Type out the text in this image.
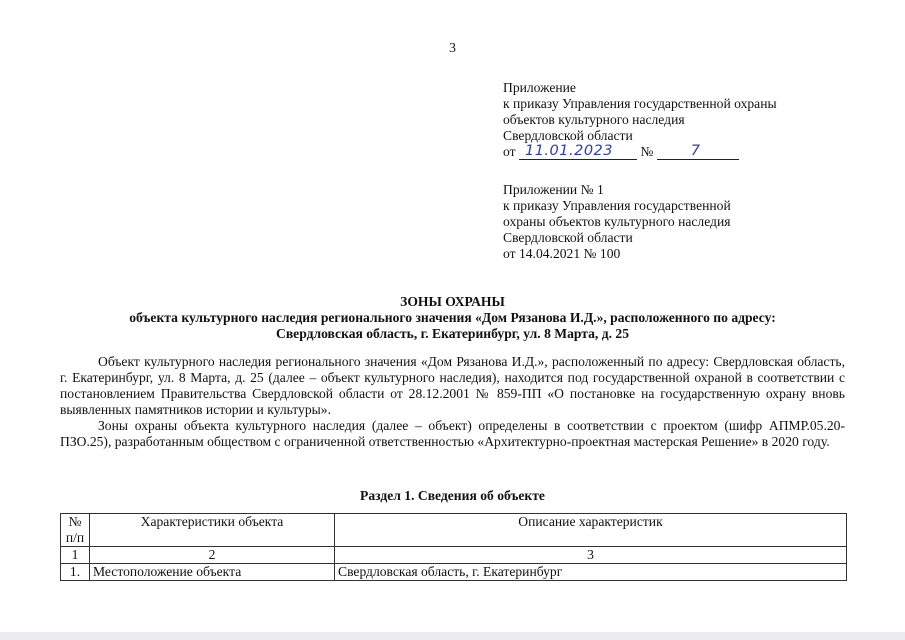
3
Приложение
к приказу Управления государственной охраны
объектов культурного наследия
Свердловской области
от 11.01.2023 №	7
Приложении № 1
к приказу Управления государственной
охраны объектов культурного наследия
Свердловской области
от 14.04.2021 № 100
ЗОНЫ ОХРАНЫ
объекта культурного наследия регионального значения «Дом Рязанова И.Д.», расположенного по адресу:
Свердловская область, г. Екатеринбург, ул. 8 Марта, д. 25

Объект культурного наследия регионального значения «Дом Рязанова И.Д.», расположенный по адресу: Свердловская область, г. Екатеринбург, ул. 8 Марта, д. 25 (далее – объект культурного наследия), находится под государственной охраной в соответствии с постановлением Правительства Свердловской области от 28.12.2001 № 859-ПП «О постановке на государственную охрану вновь выявленных памятников истории и культуры».

Зоны охраны объекта культурного наследия (далее – объект) определены в соответствии с проектом (шифр АПМР.05.20-ПЗО.25), разработанным обществом с ограниченной ответственностью «Архитектурно-проектная мастерская Решение» в 2020 году.

Раздел 1. Сведения об объекте
№ п/п	Характеристики объекта	Описание характеристик
1	2	3
1.	Местоположение объекта	Свердловская область, г. Екатеринбург
